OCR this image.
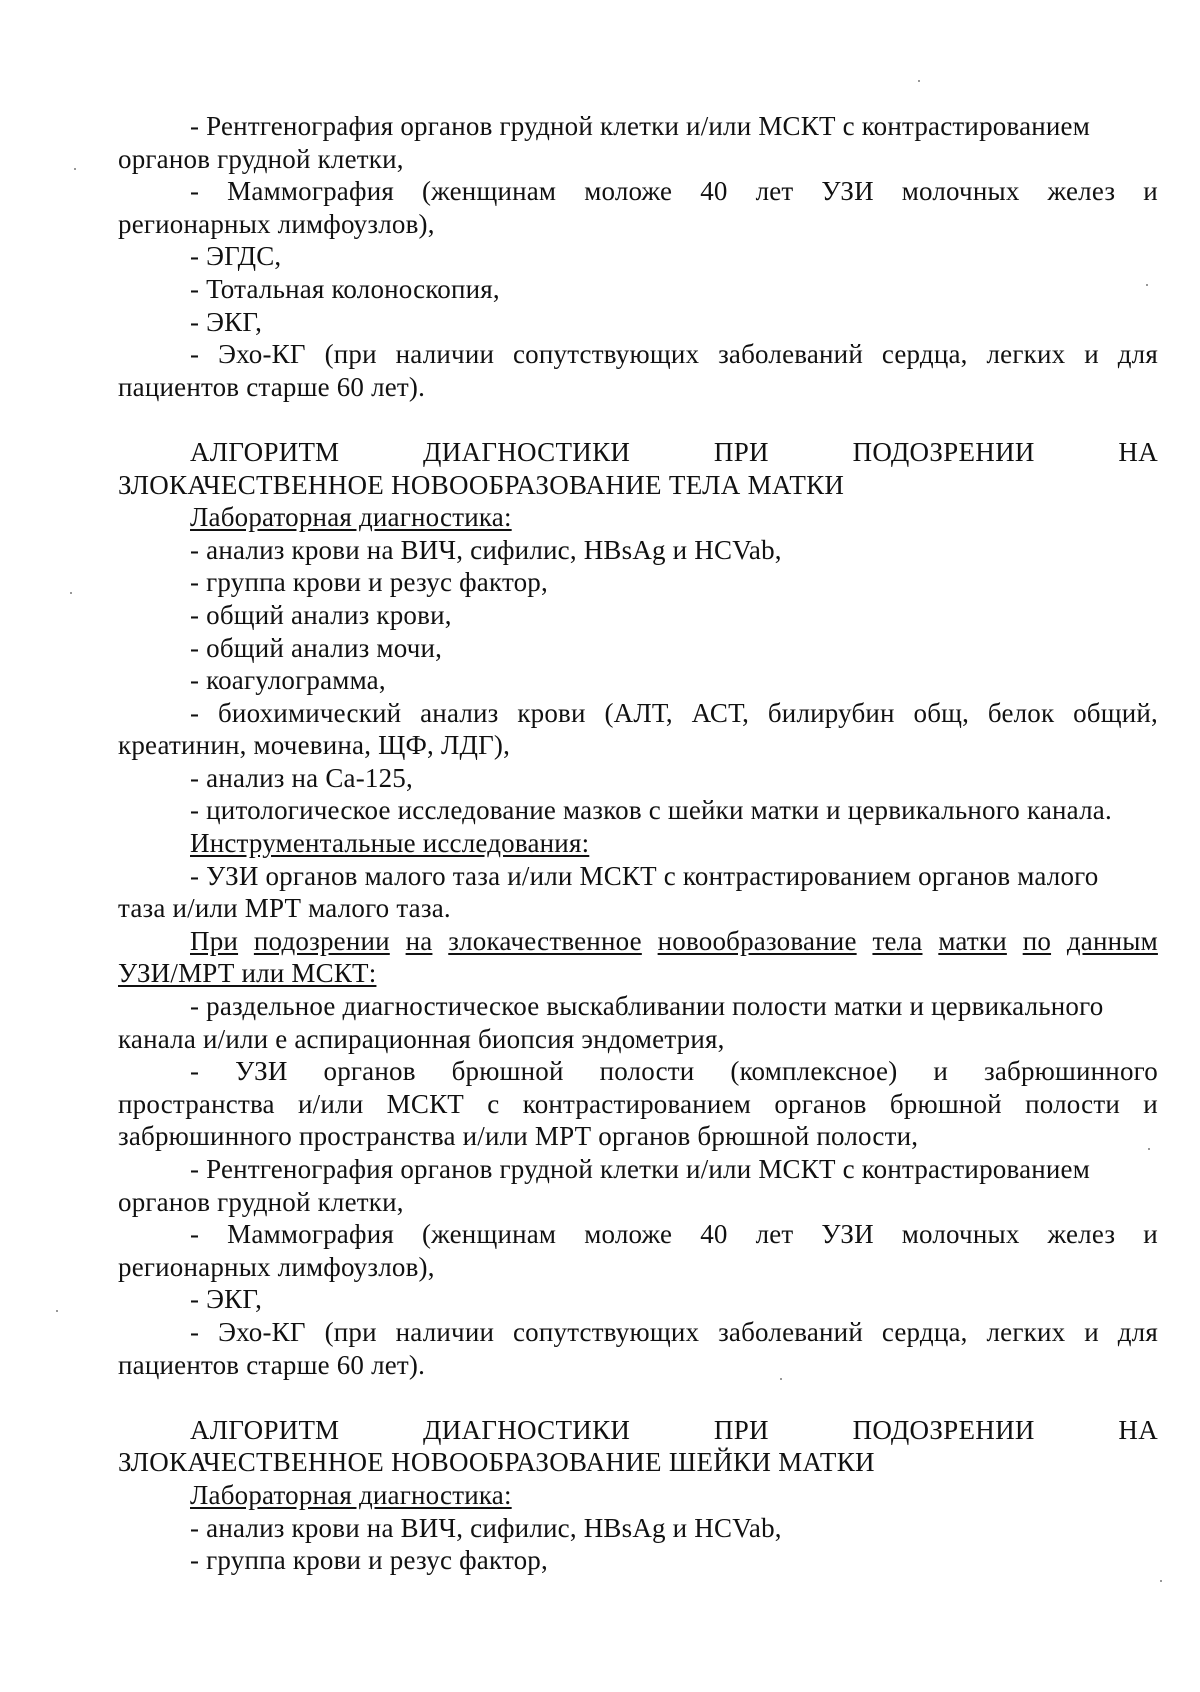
- Рентгенография органов грудной клетки и/или МСКТ с контрастированием
органов грудной клетки,
- Маммография (женщинам моложе 40 лет УЗИ молочных желез и
регионарных лимфоузлов),
- ЭГДС,
- Тотальная колоноскопия,
- ЭКГ,
- Эхо-КГ (при наличии сопутствующих заболеваний сердца, легких и для
пациентов старше 60 лет).
АЛГОРИТМ	ДИАГНОСТИКИ	ПРИ	ПОДОЗРЕНИИ	НА
ЗЛОКАЧЕСТВЕННОЕ НОВООБРАЗОВАНИЕ ТЕЛА МАТКИ
Лабораторная диагностика:
- анализ крови на ВИЧ, сифилис, HBsAg и HCVab,
- группа крови и резус фактор,
- общий анализ крови,
- общий анализ мочи,
- коагулограмма,
- биохимический анализ крови (АЛТ, АСТ, билирубин общ, белок общий,
креатинин, мочевина, ЩФ, ЛДГ),
- анализ на Са-125,
- цитологическое исследование мазков с шейки матки и цервикального канала.
Инструментальные исследования:
- УЗИ органов малого таза и/или МСКТ с контрастированием органов малого
таза и/или МРТ малого таза.
При подозрении на злокачественное новообразование тела матки по данным
УЗИ/МРТ или МСКТ:
- раздельное диагностическое выскабливании полости матки и цервикального
канала и/или е аспирационная биопсия эндометрия,
- УЗИ органов брюшной полости (комплексное) и забрюшинного
пространства и/или МСКТ с контрастированием органов брюшной полости и
забрюшинного пространства и/или МРТ органов брюшной полости,
- Рентгенография органов грудной клетки и/или МСКТ с контрастированием
органов грудной клетки,
- Маммография (женщинам моложе 40 лет УЗИ молочных желез и
регионарных лимфоузлов),
- ЭКГ,
- Эхо-КГ (при наличии сопутствующих заболеваний сердца, легких и для
пациентов старше 60 лет).
АЛГОРИТМ	ДИАГНОСТИКИ	ПРИ	ПОДОЗРЕНИИ	НА
ЗЛОКАЧЕСТВЕННОЕ НОВООБРАЗОВАНИЕ ШЕЙКИ МАТКИ
Лабораторная диагностика:
- анализ крови на ВИЧ, сифилис, HBsAg и HCVab,
- группа крови и резус фактор,
